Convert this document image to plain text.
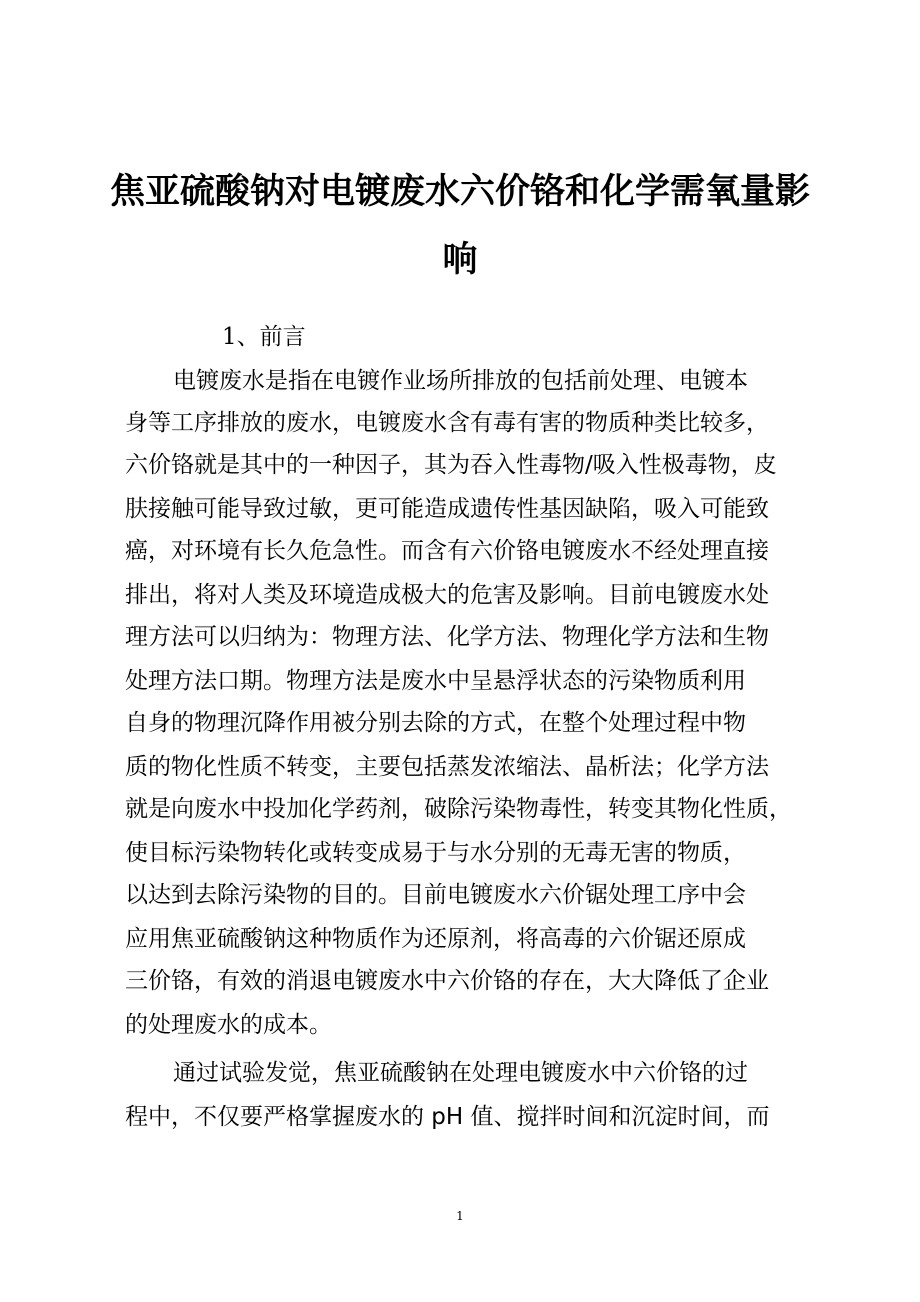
焦亚硫酸钠对电镀废水六价铬和化学需氧量影
响

1、前言

电镀废水是指在电镀作业场所排放的包括前处理、电镀本

身等工序排放的废水，电镀废水含有毒有害的物质种类比较多，

六价铬就是其中的一种因子，其为吞入性毒物/吸入性极毒物，皮

肤接触可能导致过敏，更可能造成遗传性基因缺陷，吸入可能致

癌，对环境有长久危急性。而含有六价铬电镀废水不经处理直接

排出，将对人类及环境造成极大的危害及影响。目前电镀废水处

理方法可以归纳为：物理方法、化学方法、物理化学方法和生物

处理方法口期。物理方法是废水中呈悬浮状态的污染物质利用

自身的物理沉降作用被分别去除的方式，在整个处理过程中物

质的物化性质不转变，主要包括蒸发浓缩法、晶析法；化学方法

就是向废水中投加化学药剂，破除污染物毒性，转变其物化性质，

使目标污染物转化或转变成易于与水分别的无毒无害的物质，

以达到去除污染物的目的。目前电镀废水六价锯处理工序中会

应用焦亚硫酸钠这种物质作为还原剂，将高毒的六价锯还原成

三价铬，有效的消退电镀废水中六价铬的存在，大大降低了企业

的处理废水的成本。

通过试验发觉，焦亚硫酸钠在处理电镀废水中六价铬的过

程中，不仅要严格掌握废水的 pH 值、搅拌时间和沉淀时间，而

1
